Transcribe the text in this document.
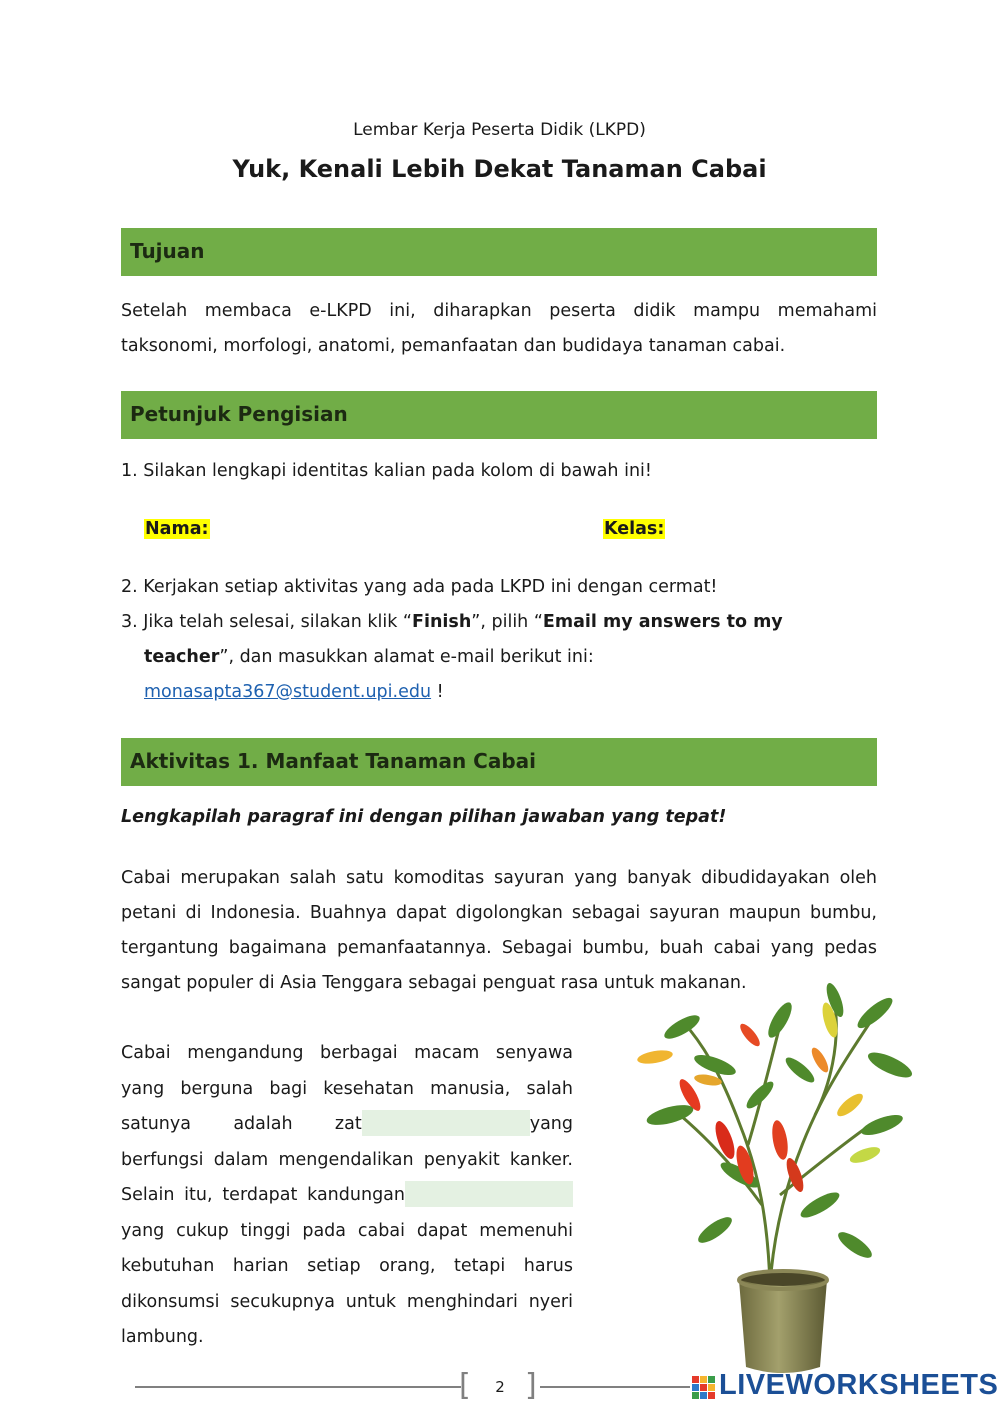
Lembar Kerja Peserta Didik (LKPD)
Yuk, Kenali Lebih Dekat Tanaman Cabai
Tujuan
Setelah membaca e-LKPD ini, diharapkan peserta didik mampu memahami taksonomi, morfologi, anatomi, pemanfaatan dan budidaya tanaman cabai.
Petunjuk Pengisian
1. Silakan lengkapi identitas kalian pada kolom di bawah ini!
Nama:	Kelas:
2. Kerjakan setiap aktivitas yang ada pada LKPD ini dengan cermat!
3. Jika telah selesai, silakan klik “Finish”, pilih “Email my answers to my
teacher”, dan masukkan alamat e-mail berikut ini:
monasapta367@student.upi.edu !
Aktivitas 1. Manfaat Tanaman Cabai
Lengkapilah paragraf ini dengan pilihan jawaban yang tepat!
Cabai merupakan salah satu komoditas sayuran yang banyak dibudidayakan oleh petani di Indonesia. Buahnya dapat digolongkan sebagai sayuran maupun bumbu, tergantung bagaimana pemanfaatannya. Sebagai bumbu, buah cabai yang pedas sangat populer di Asia Tenggara sebagai penguat rasa untuk makanan.
Cabai mengandung berbagai macam senyawa yang berguna bagi kesehatan manusia, salah satunya adalah zat	yang berfungsi dalam mengendalikan penyakit kanker. Selain itu, terdapat kandunganyang cukup tinggi pada cabai dapat memenuhi kebutuhan harian setiap orang, tetapi harus dikonsumsi secukupnya untuk menghindari nyeri lambung.
[ ]
2	LIVEWORKSHEETS
